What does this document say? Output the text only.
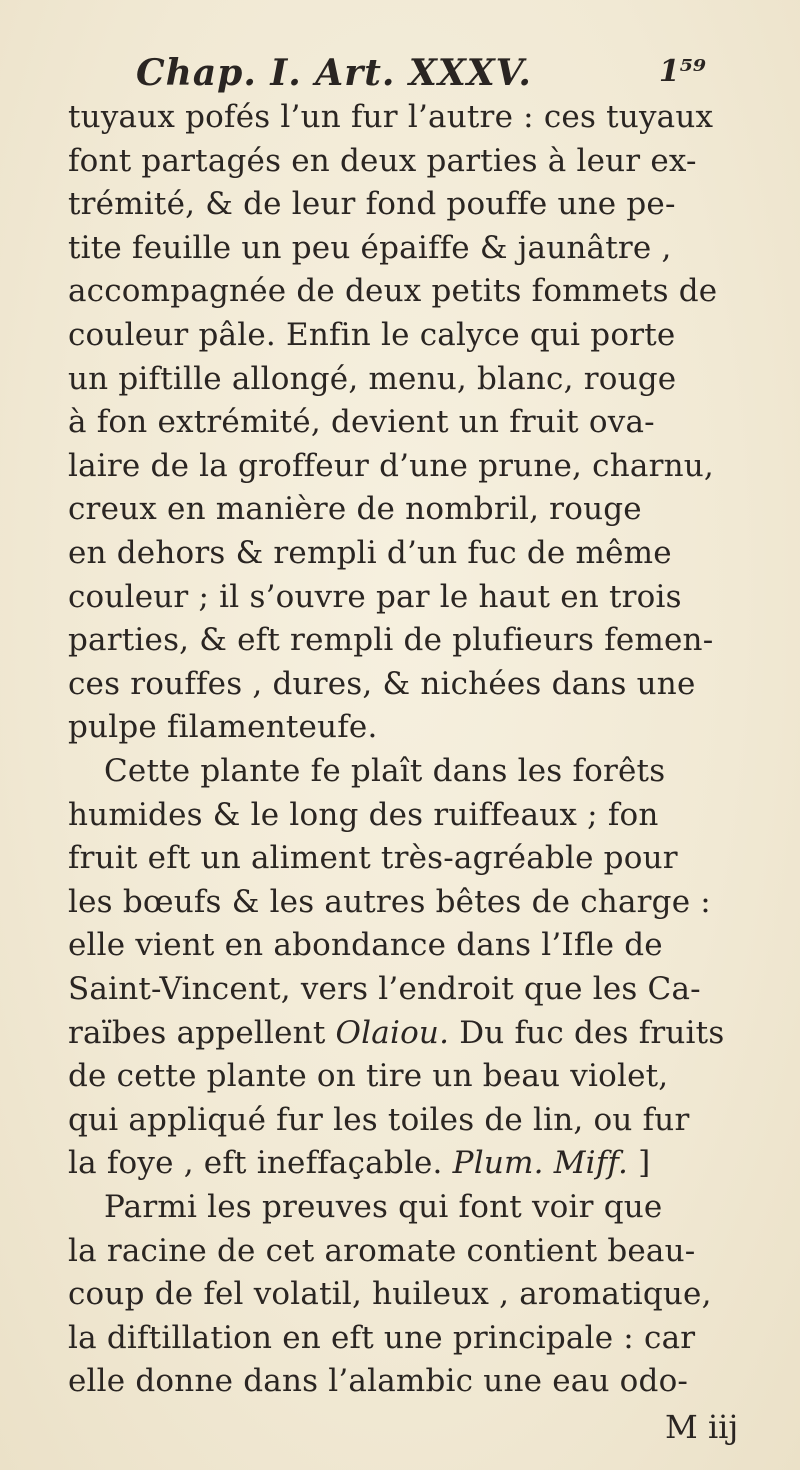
Chap. I. Art. XXXV.	1⁵⁹
tuyaux pofés l’un fur l’autre : ces tuyaux
font partagés en deux parties à leur ex-
trémité, & de leur fond pouffe une pe-
tite feuille un peu épaiffe & jaunâtre ,
accompagnée de deux petits fommets de
couleur pâle. Enfin le calyce qui porte
un piftille allongé, menu, blanc, rouge
à fon extrémité, devient un fruit ova-
laire de la groffeur d’une prune, charnu,
creux en manière de nombril, rouge
en dehors & rempli d’un fuc de même
couleur ; il s’ouvre par le haut en trois
parties, & eft rempli de plufieurs femen-
ces rouffes , dures, & nichées dans une
pulpe filamenteufe.
Cette plante fe plaît dans les forêts
humides & le long des ruiffeaux ; fon
fruit eft un aliment très-agréable pour
les bœufs & les autres bêtes de charge :
elle vient en abondance dans l’Ifle de
Saint-Vincent, vers l’endroit que les Ca-
raïbes appellent Olaiou. Du fuc des fruits
de cette plante on tire un beau violet,
qui appliqué fur les toiles de lin, ou fur
la foye , eft ineffaçable. Plum. Miff. ]
Parmi les preuves qui font voir que
la racine de cet aromate contient beau-
coup de fel volatil, huileux , aromatique,
la diftillation en eft une principale : car
elle donne dans l’alambic une eau odo-
M iij
